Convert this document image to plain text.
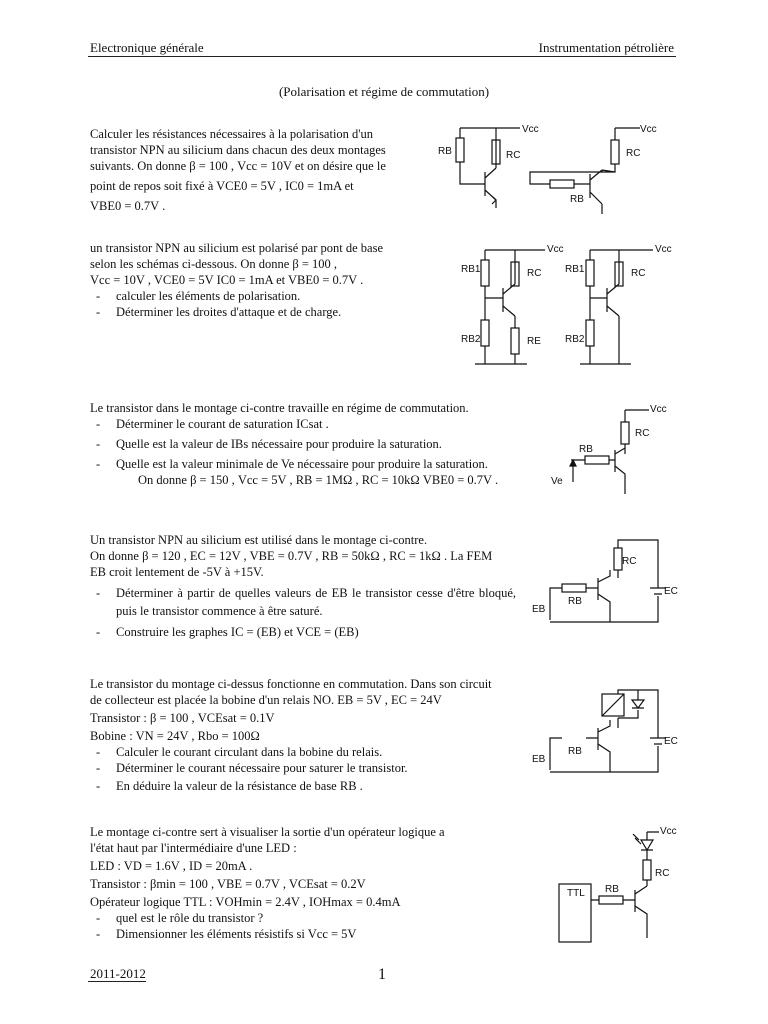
Electronique générale	Instrumentation pétrolière
(Polarisation et régime de commutation)

Calculer les résistances nécessaires à la polarisation d'un

transistor NPN au silicium dans chacun des deux montages

suivants. On donne β = 100 , Vcc = 10V et on désire que le

point de repos soit fixé à VCE0 = 5V , IC0 = 1mA et

VBE0 = 0.7V .

un transistor NPN au silicium est polarisé par pont de base

selon les schémas ci-dessous. On donne β = 100 ,

Vcc = 10V , VCE0 = 5V IC0 = 1mA et VBE0 = 0.7V .

- calculer les éléments de polarisation.
- Déterminer les droites d'attaque et de charge.

Le transistor dans le montage ci-contre travaille en régime de commutation.

- Déterminer le courant de saturation ICsat .
- Quelle est la valeur de IBs nécessaire pour produire la saturation.
- Quelle est la valeur minimale de Ve nécessaire pour produire la saturation.

On donne β = 150 , Vcc = 5V , RB = 1MΩ , RC = 10kΩ VBE0 = 0.7V .

Un transistor NPN au silicium est utilisé dans le montage ci-contre.

On donne β = 120 , EC = 12V , VBE = 0.7V , RB = 50kΩ , RC = 1kΩ . La FEM

EB croit lentement de -5V à +15V.

- Déterminer à partir de quelles valeurs de EB le transistor cesse d'être bloqué, puis le transistor commence à être saturé.
- Construire les graphes IC = (EB) et VCE = (EB)

Le transistor du montage ci-dessus fonctionne en commutation. Dans son circuit

de collecteur est placée la bobine d'un relais NO. EB = 5V , EC = 24V

Transistor : β = 100 , VCEsat = 0.1V

Bobine : VN = 24V , Rbo = 100Ω

- Calculer le courant circulant dans la bobine du relais.
- Déterminer le courant nécessaire pour saturer le transistor.
- En déduire la valeur de la résistance de base RB .

Le montage ci-contre sert à visualiser la sortie d'un opérateur logique a

l'état haut par l'intermédiaire d'une LED :

LED : VD = 1.6V , ID = 20mA .

Transistor : βmin = 100 , VBE = 0.7V , VCEsat = 0.2V

Opérateur logique TTL : VOHmin = 2.4V , IOHmax = 0.4mA

- quel est le rôle du transistor ?
- Dimensionner les éléments résistifs si Vcc = 5V
RB	RC
Vcc	Vcc
RC
RB
RB1
RB2
RC
RE
Vcc
RB1
RB2
RC
Vcc
Vcc
RC
RB
Ve
RC
RB
EB
EC
RB
EB
EC
Vcc
RC
RB
TTL
2011-2012	1
